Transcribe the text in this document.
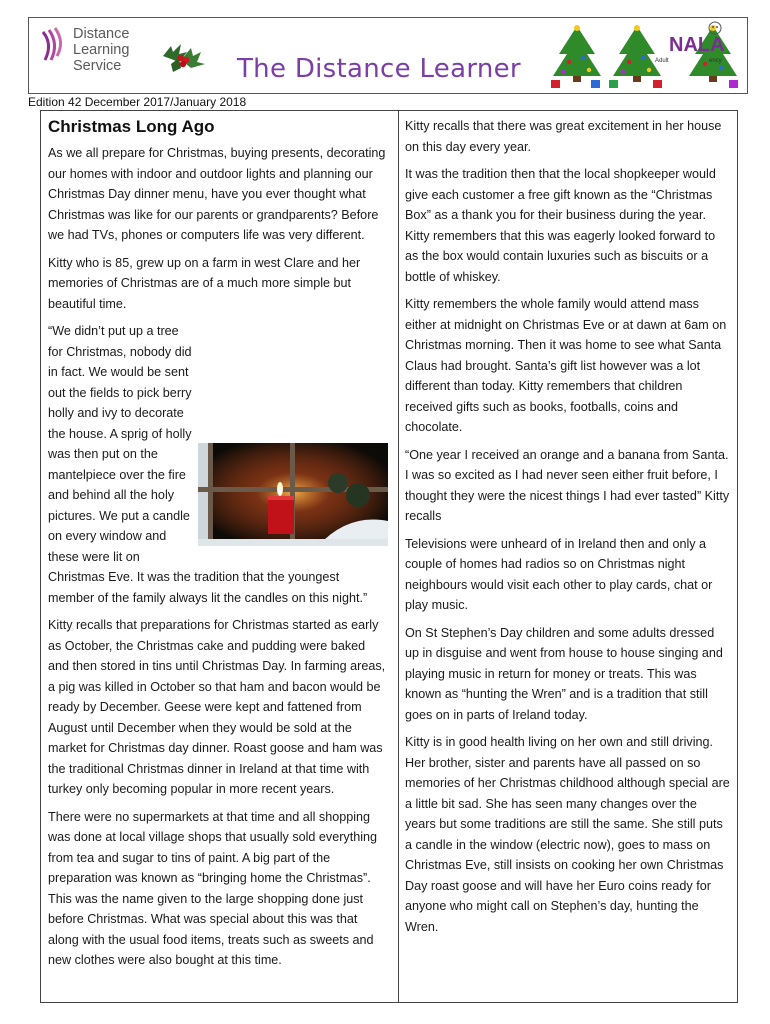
Distance
Learning
Service	The Distance Learner
NALA
Adult	ency
Edition 42 December 2017/January 2018
Christmas Long Ago

As we all prepare for Christmas, buying presents, decorating our homes with indoor and outdoor lights and planning our Christmas Day dinner menu, have you ever thought what Christmas was like for our parents or grandparents? Before we had TVs, phones or computers life was very different.

Kitty who is 85, grew up on a farm in west Clare and her memories of Christmas are of a much more simple but beautiful time.

“We didn’t put up a tree for Christmas, nobody did in fact. We would be sent out the fields to pick berry holly and ivy to decorate the house. A sprig of holly was then put on the mantelpiece over the fire and behind all the holy pictures. We put a candle on every window and these were lit on Christmas Eve. It was the tradition that the youngest member of the family always lit the candles on this night.”

Kitty recalls that preparations for Christmas started as early as October, the Christmas cake and pudding were baked and then stored in tins until Christmas Day. In farming areas, a pig was killed in October so that ham and bacon would be ready by December. Geese were kept and fattened from August until December when they would be sold at the market for Christmas day dinner. Roast goose and ham was the traditional Christmas dinner in Ireland at that time with turkey only becoming popular in more recent years.

There were no supermarkets at that time and all shopping was done at local village shops that usually sold everything from tea and sugar to tins of paint. A big part of the preparation was known as “bringing home the Christmas”. This was the name given to the large shopping done just before Christmas. What was special about this was that along with the usual food items, treats such as sweets and new clothes were also bought at this time.

Kitty recalls that there was great excitement in her house on this day every year.

It was the tradition then that the local shopkeeper would give each customer a free gift known as the “Christmas Box” as a thank you for their business during the year. Kitty remembers that this was eagerly looked forward to as the box would contain luxuries such as biscuits or a bottle of whiskey.

Kitty remembers the whole family would attend mass either at midnight on Christmas Eve or at dawn at 6am on Christmas morning. Then it was home to see what Santa Claus had brought. Santa’s gift list however was a lot different than today. Kitty remembers that children received gifts such as books, footballs, coins and chocolate.

“One year I received an orange and a banana from Santa. I was so excited as I had never seen either fruit before, I thought they were the nicest things I had ever tasted” Kitty recalls

Televisions were unheard of in Ireland then and only a couple of homes had radios so on Christmas night neighbours would visit each other to play cards, chat or play music.

On St Stephen’s Day children and some adults dressed up in disguise and went from house to house singing and playing music in return for money or treats. This was known as “hunting the Wren” and is a tradition that still goes on in parts of Ireland today.

Kitty is in good health living on her own and still driving. Her brother, sister and parents have all passed on so memories of her Christmas childhood although special are a little bit sad. She has seen many changes over the years but some traditions are still the same. She still puts a candle in the window (electric now), goes to mass on Christmas Eve, still insists on cooking her own Christmas Day roast goose and will have her Euro coins ready for anyone who might call on Stephen’s day, hunting the Wren.
